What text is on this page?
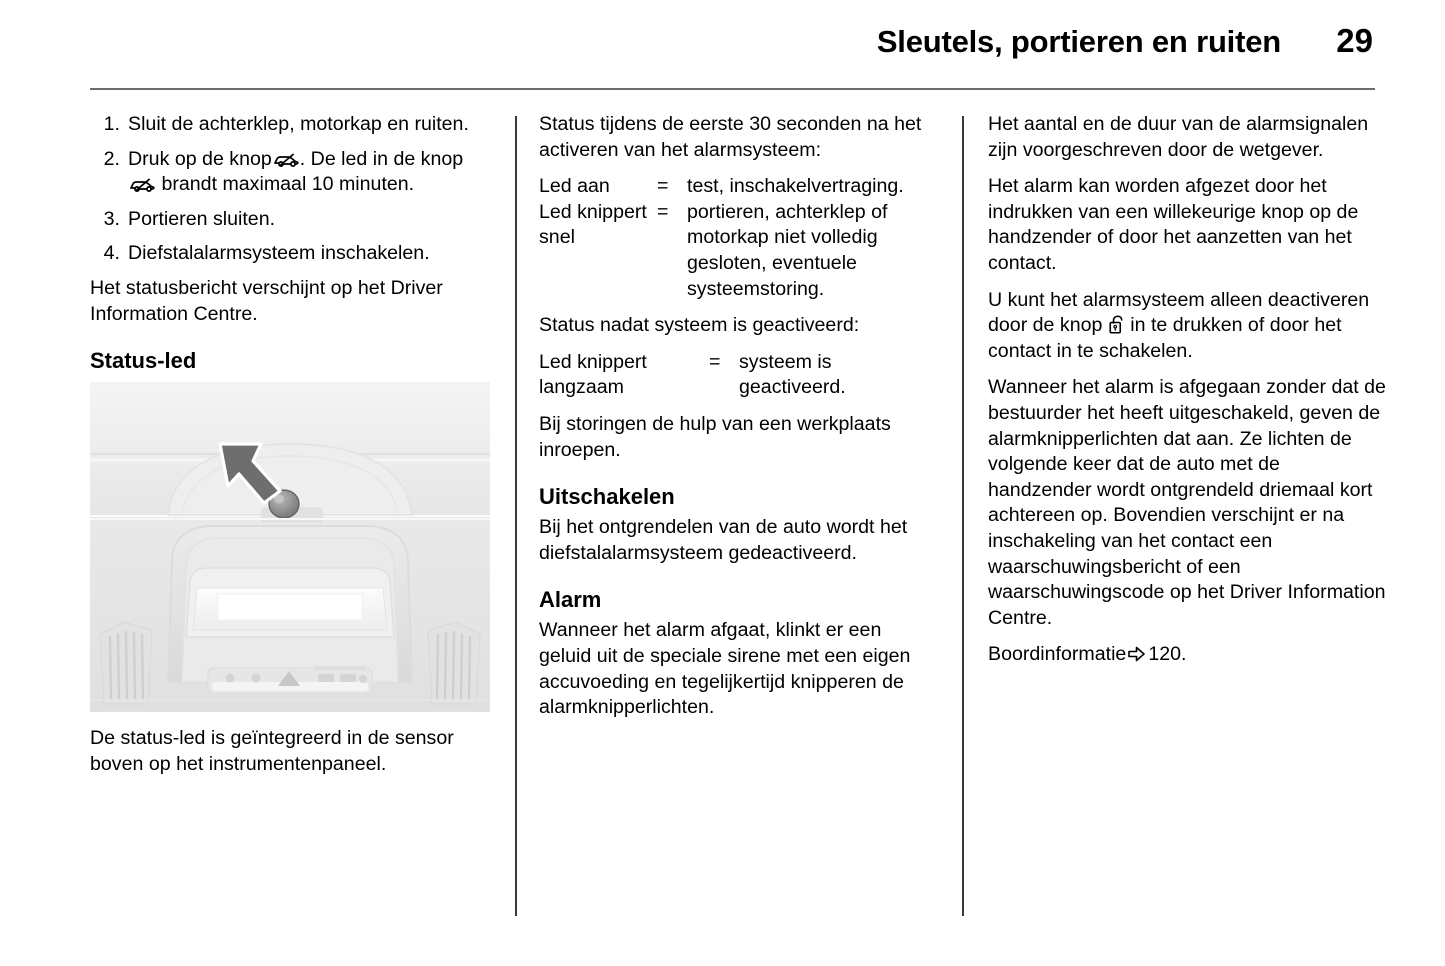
Sleutels, portieren en ruiten 29
1. Sluit de achterklep, motorkap en ruiten.
2. Druk op de knop . De led in de knop  brandt maximaal 10 minuten.
3. Portieren sluiten.
4. Diefstalalarmsysteem inschakelen.

Het statusbericht verschijnt op het Driver Information Centre.

Status-led

De status-led is geïntegreerd in de sensor boven op het instrumentenpaneel.

Status tijdens de eerste 30 seconden na het activeren van het alarmsysteem:

Led aan	=	test, inschakelvertraging.
Led knippert snel	=	portieren, achterklep of motorkap niet volledig gesloten, eventuele systeemstoring.

Status nadat systeem is geactiveerd:

Led knippert langzaam	=	systeem is geactiveerd.

Bij storingen de hulp van een werkplaats inroepen.

Uitschakelen

Bij het ontgrendelen van de auto wordt het diefstalalarmsysteem gedeactiveerd.

Alarm

Wanneer het alarm afgaat, klinkt er een geluid uit de speciale sirene met een eigen accuvoeding en tegelijkertijd knipperen de alarmknipperlichten.

Het aantal en de duur van de alarmsignalen zijn voorgeschreven door de wetgever.

Het alarm kan worden afgezet door het indrukken van een willekeurige knop op de handzender of door het aanzetten van het contact.

U kunt het alarmsysteem alleen deactiveren door de knop in te drukken of door het contact in te schakelen.

Wanneer het alarm is afgegaan zonder dat de bestuurder het heeft uitgeschakeld, geven de alarmknipperlichten dat aan. Ze lichten de volgende keer dat de auto met de handzender wordt ontgrendeld driemaal kort achtereen op. Bovendien verschijnt er na inschakeling van het contact een waarschuwingsbericht of een waarschuwingscode op het Driver Information Centre.

Boordinformatie 120.
